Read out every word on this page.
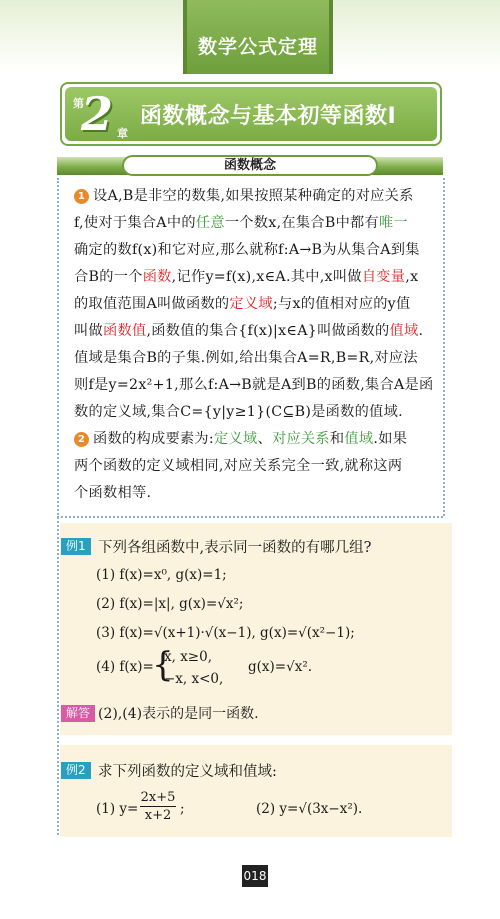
数学公式定理
第
2 章
函数概念与基本初等函数Ⅰ
函数概念
1 设A,B是非空的数集,如果按照某种确定的对应关系
f,使对于集合A中的任意一个数x,在集合B中都有唯一
确定的数f(x)和它对应,那么就称f:A→B为从集合A到集
合B的一个函数,记作y=f(x),x∈A.其中,x叫做自变量,x
的取值范围A叫做函数的定义域;与x的值相对应的y值
叫做函数值,函数值的集合{f(x)|x∈A}叫做函数的值域.
值域是集合B的子集.例如,给出集合A=R,B=R,对应法
则f是y=2x²+1,那么f:A→B就是A到B的函数,集合A是函
数的定义域,集合C={y|y≥1}(C⊆B)是函数的值域.
2 函数的构成要素为:定义域、对应关系和值域.如果
两个函数的定义域相同,对应关系完全一致,就称这两
个函数相等.
例1 下列各组函数中,表示同一函数的有哪几组?
(1) f(x)=x⁰, g(x)=1;
(2) f(x)=|x|, g(x)=√x²;
(3) f(x)=√(x+1)·√(x−1), g(x)=√(x²−1);
(4) f(x)=
{
x, x≥0,
−x, x<0,
g(x)=√x².
解答 (2),(4)表示的是同一函数.
例2 求下列函数的定义域和值域:
(1) $y= \frac{2x+5}{x+2}$ ;	(2) y=√(3x−x²).
018
